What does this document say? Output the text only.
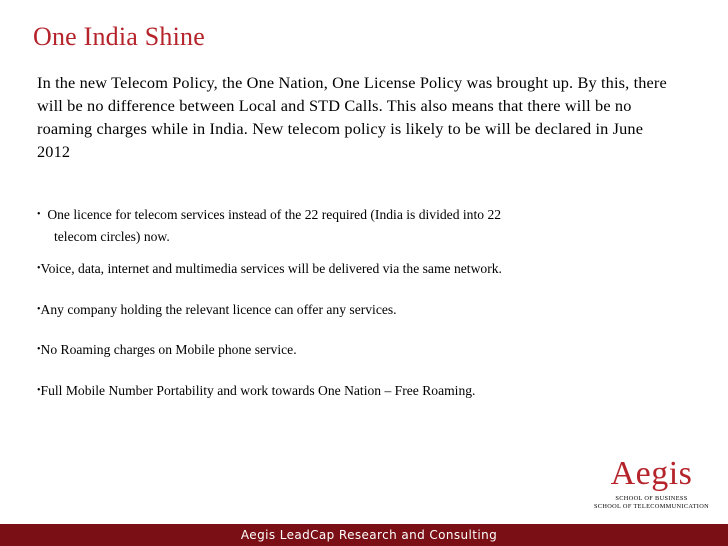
One India Shine

In the new Telecom Policy, the One Nation, One License Policy was brought up. By this, there will be no difference between Local and STD Calls. This also means that there will be no roaming charges while in India. New telecom policy is likely to be will be declared in June 2012

• One licence for telecom services instead of the 22 required (India is divided into 22
telecom circles) now.
•Voice, data, internet and multimedia services will be delivered via the same network.
•Any company holding the relevant licence can offer any services.
•No Roaming charges on Mobile phone service.
•Full Mobile Number Portability and work towards One Nation – Free Roaming.
Aegis
SCHOOL OF BUSINESS
SCHOOL OF TELECOMMUNICATION
Aegis LeadCap Research and Consulting
